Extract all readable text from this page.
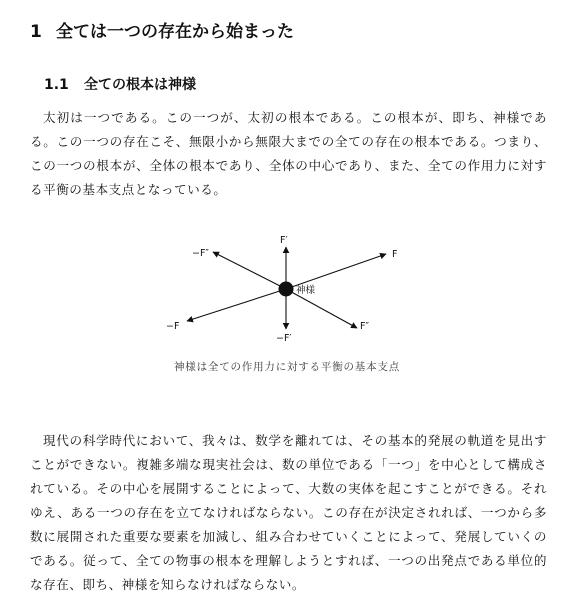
1 全ては一つの存在から始まった
1.1 全ての根本は神様

太初は一つである。この一つが、太初の根本である。この根本が、即ち、神様である。この一つの存在こそ、無限小から無限大までの全ての存在の根本である。つまり、この一つの根本が、全体の根本であり、全体の中心であり、また、全ての作用力に対する平衡の基本支点となっている。

神様
F
−F
F′
−F′
F″
−F″
神様は全ての作用力に対する平衡の基本支点

現代の科学時代において、我々は、数学を離れては、その基本的発展の軌道を見出すことができない。複雑多端な現実社会は、数の単位である「一つ」を中心として構成されている。その中心を展開することによって、大数の実体を起こすことができる。それゆえ、ある一つの存在を立てなければならない。この存在が決定されれば、一つから多数に展開された重要な要素を加減し、組み合わせていくことによって、発展していくのである。従って、全ての物事の根本を理解しようとすれば、一つの出発点である単位的な存在、即ち、神様を知らなければならない。
